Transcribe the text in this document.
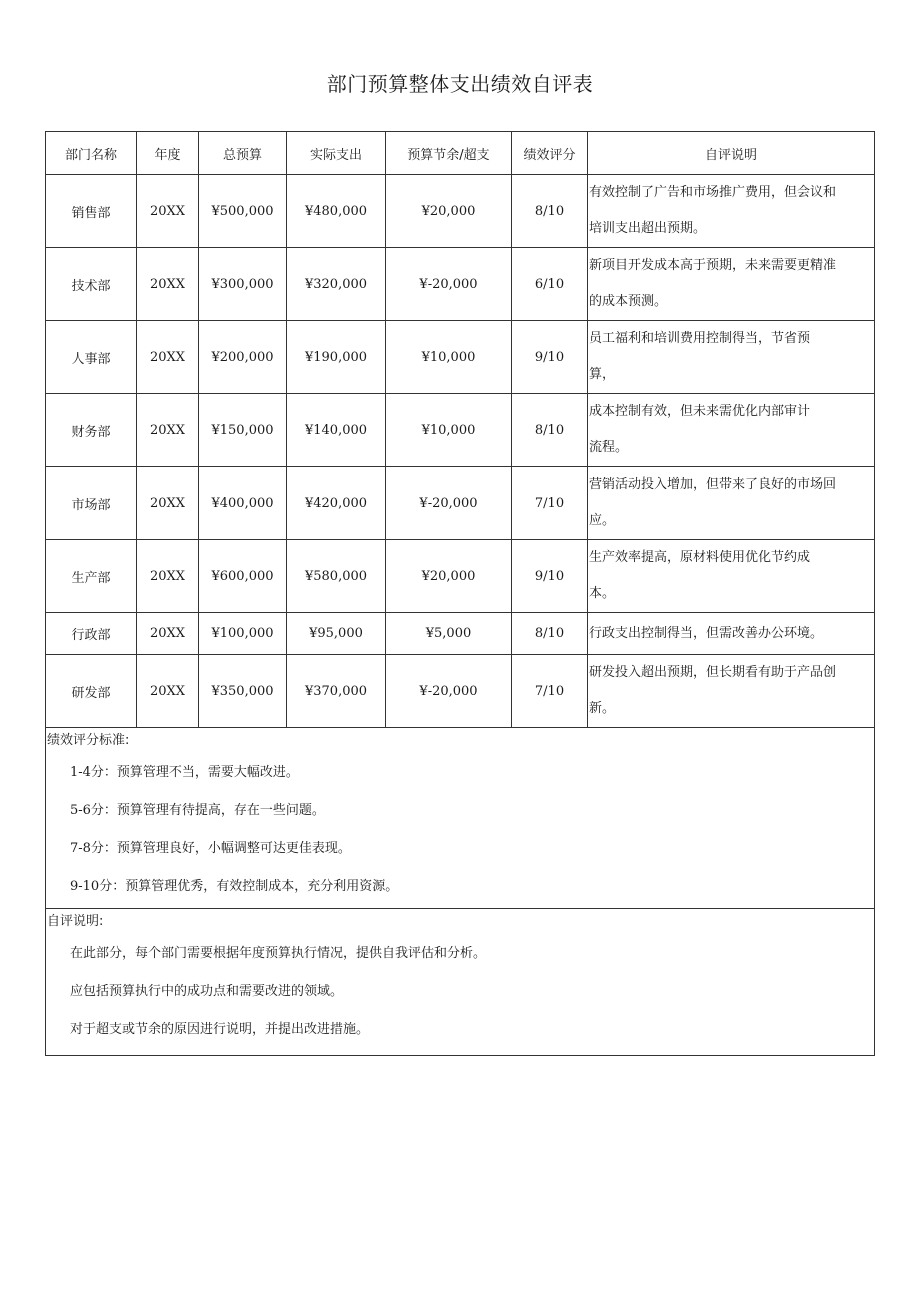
部门预算整体支出绩效自评表
部门名称	年度	总预算	实际支出	预算节余/超支	绩效评分	自评说明
销售部	20XX	¥500,000	¥480,000	¥20,000	8/10	有效控制了广告和市场推广费用，但会议和
培训支出超出预期。

技术部	20XX	¥300,000	¥320,000	¥-20,000	6/10	新项目开发成本高于预期，未来需要更精准
的成本预测。

人事部	20XX	¥200,000	¥190,000	¥10,000	9/10	员工福利和培训费用控制得当，节省预
算，

财务部	20XX	¥150,000	¥140,000	¥10,000	8/10	成本控制有效，但未来需优化内部审计
流程。

市场部	20XX	¥400,000	¥420,000	¥-20,000	7/10	营销活动投入增加，但带来了良好的市场回
应。

生产部	20XX	¥600,000	¥580,000	¥20,000	9/10	生产效率提高，原材料使用优化节约成
本。

行政部	20XX	¥100,000	¥95,000	¥5,000	8/10	行政支出控制得当，但需改善办公环境。

研发部	20XX	¥350,000	¥370,000	¥-20,000	7/10	研发投入超出预期，但长期看有助于产品创
新。

绩效评分标准:
1-4分：预算管理不当，需要大幅改进。
5-6分：预算管理有待提高，存在一些问题。
7-8分：预算管理良好，小幅调整可达更佳表现。
9-10分：预算管理优秀，有效控制成本，充分利用资源。						

自评说明:
在此部分，每个部门需要根据年度预算执行情况，提供自我评估和分析。
应包括预算执行中的成功点和需要改进的领域。
对于超支或节余的原因进行说明，并提出改进措施。						
